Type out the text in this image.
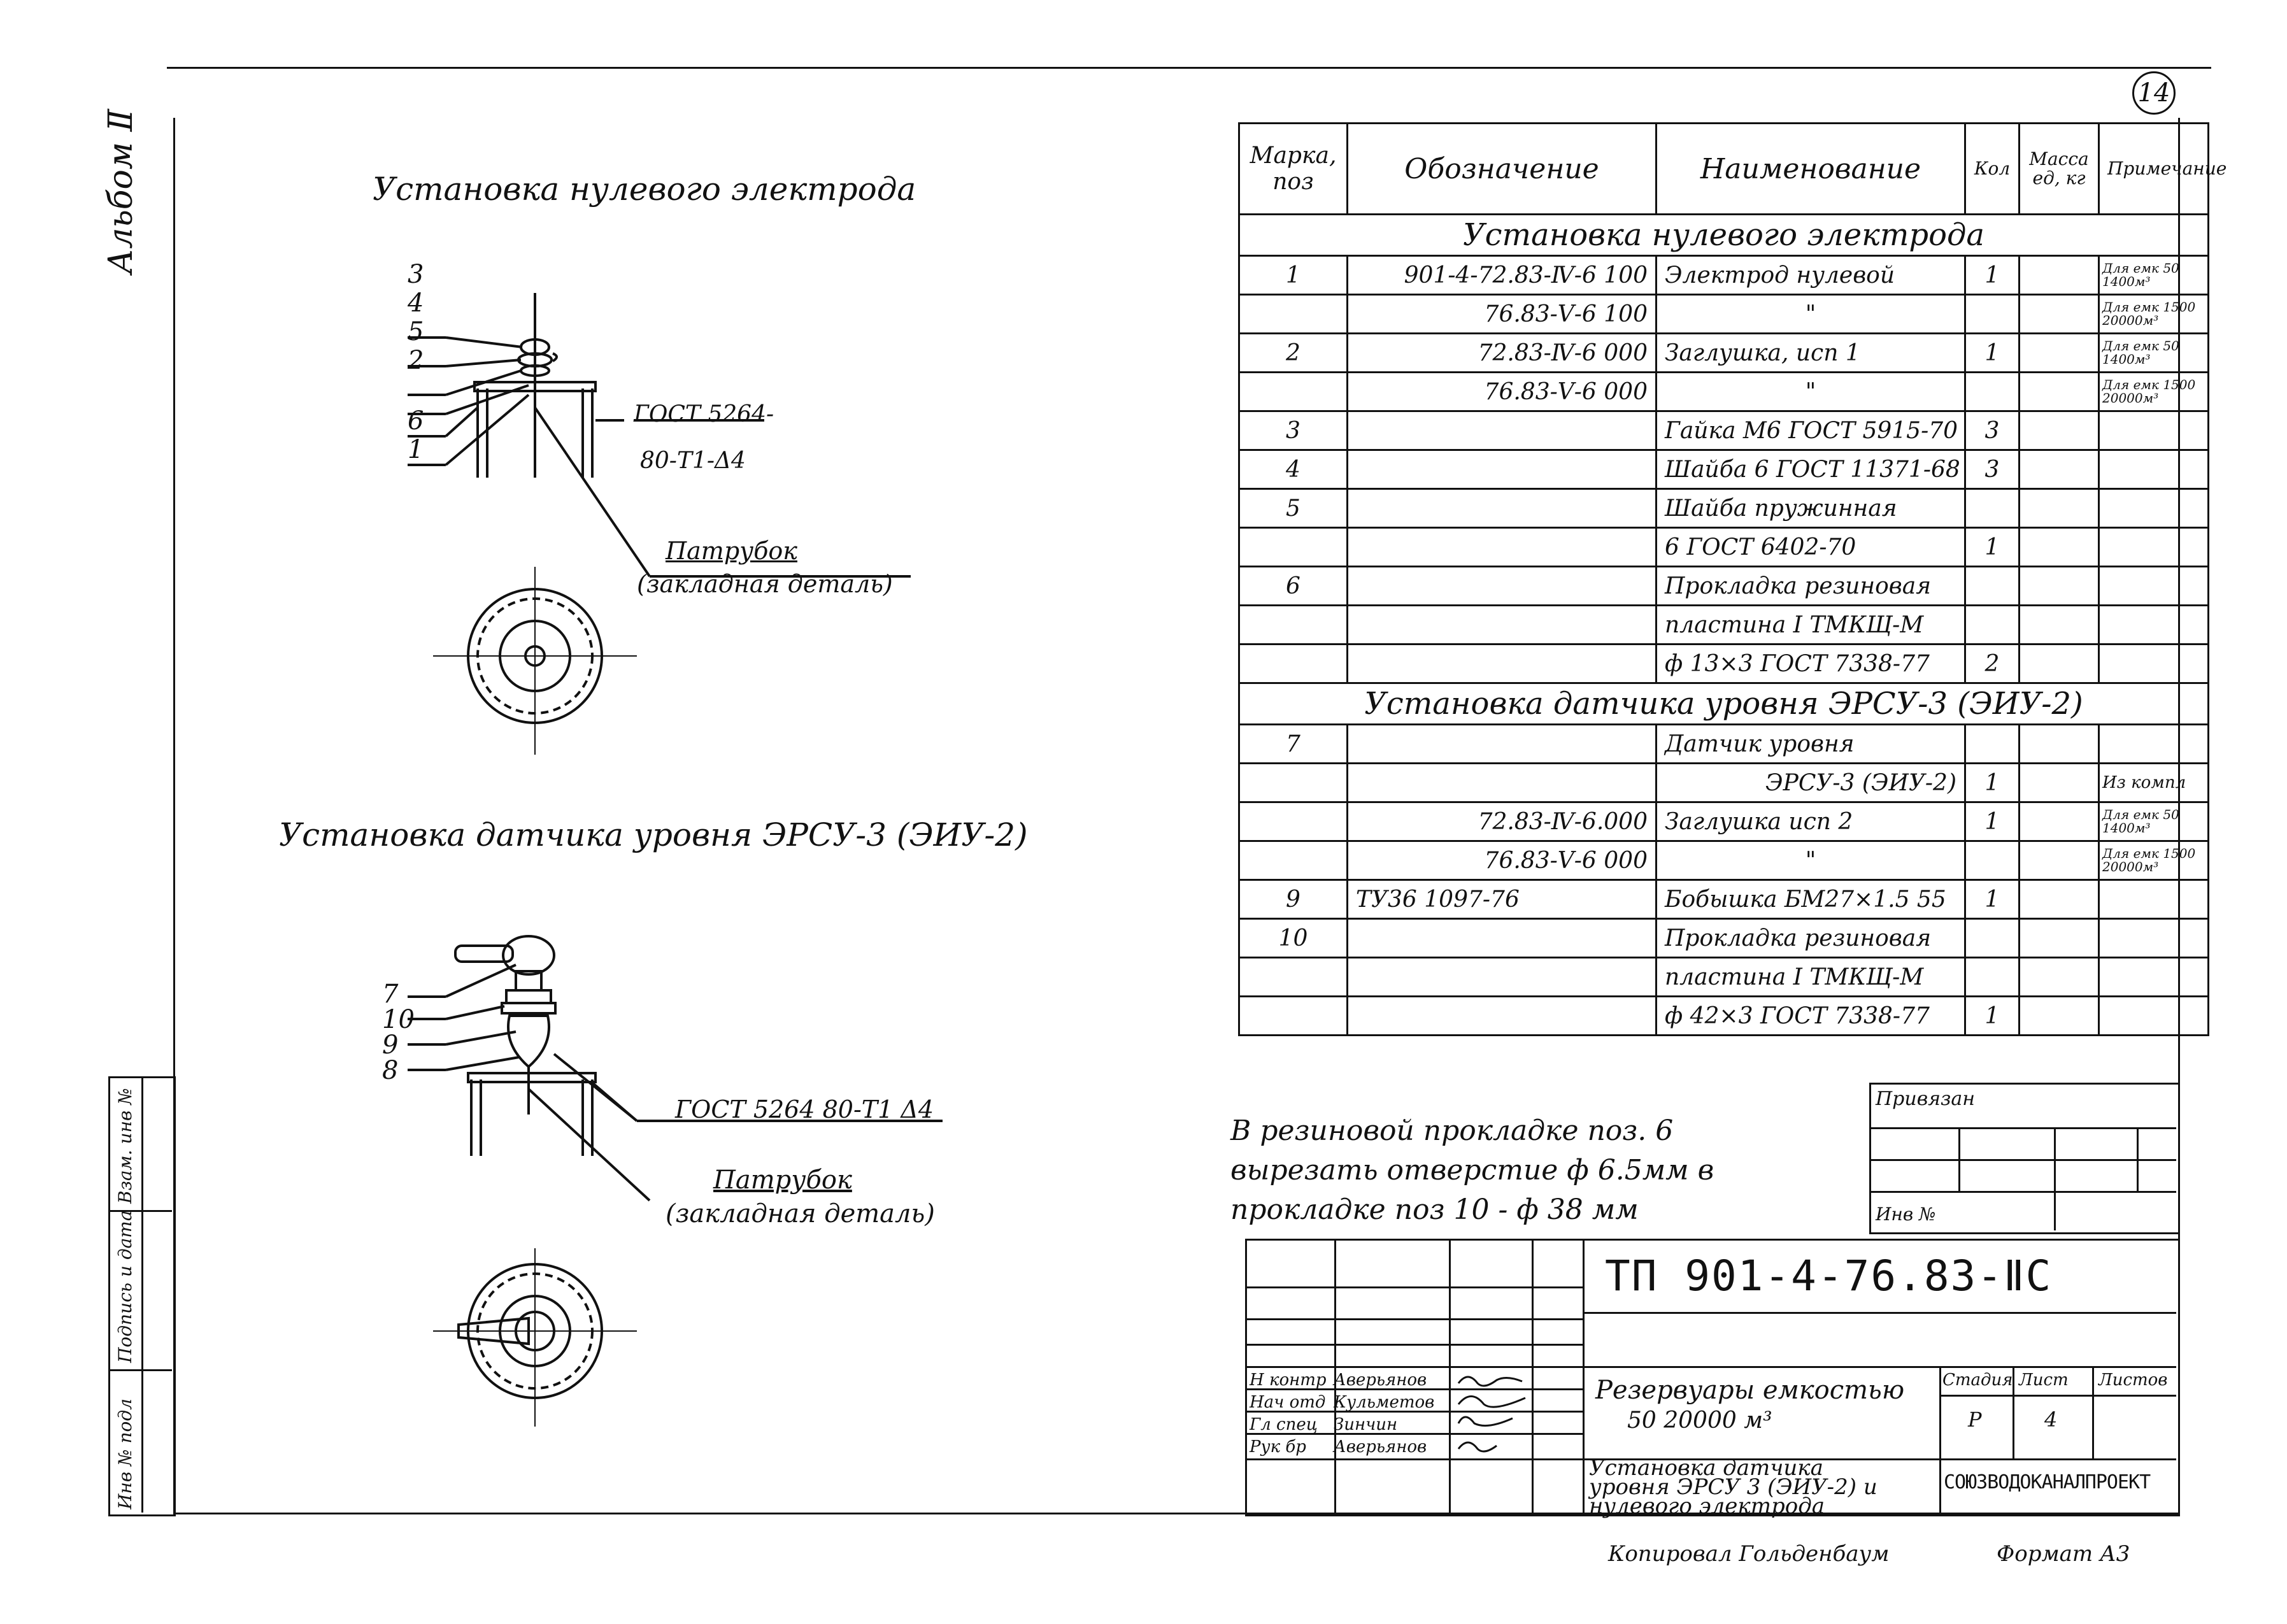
14
Альбом Ⅱ
Инв № подл
Подпись и дата
Взам. инв №
Установка нулевого электрода
3
4
5
2
6
1
ГОСТ 5264-
80-Т1-Δ4
Патрубок
(закладная деталь)
Установка датчика уровня ЭРСУ-3 (ЭИУ-2)
7
10
9
8
ГОСТ 5264 80-Т1 Δ4
Патрубок
(закладная деталь)
Марка, поз	Обозначение	Наименование	Кол	Масса ед, кг	Примечание
Установка нулевого электрода					
1	901-4-72.83-Ⅳ-6 100	Электрод нулевой	1		Для емк 50 1400м³
	76.83-Ⅴ-6 100	"			Для емк 1500 20000м³
2	72.83-Ⅳ-6 000	Заглушка, исп 1	1		Для емк 50 1400м³
	76.83-Ⅴ-6 000	"			Для емк 1500 20000м³
3		Гайка М6 ГОСТ 5915-70	3		
4		Шайба 6 ГОСТ 11371-68	3		
5		Шайба пружинная			
		6 ГОСТ 6402-70	1		
6		Прокладка резиновая			
		пластина I ТМКЩ-М			
		ф 13×3 ГОСТ 7338-77	2		
Установка датчика уровня ЭРСУ-3 (ЭИУ-2)					
7		Датчик уровня			
		ЭРСУ-3 (ЭИУ-2)	1		Из компл
	72.83-Ⅳ-6.000	Заглушка исп 2	1		Для емк 50 1400м³
	76.83-Ⅴ-6 000	"			Для емк 1500 20000м³
9	ТУ36 1097-76	Бобышка БМ27×1.5 55	1		
10		Прокладка резиновая			
		пластина I ТМКЩ-М			
		ф 42×3 ГОСТ 7338-77	1		
В резиновой прокладке поз. 6
вырезать отверстие ф 6.5мм в
прокладке поз 10 - ф 38 мм
Привязан
Инв №
ТП 901-4-76.83-ⅡС
Н контр Аверьянов
Нач отд Кульметов
Гл спец Зинчин
Рук бр Аверьянов
Резервуары емкостью
50 20000 м³
Установка датчика
уровня ЭРСУ 3 (ЭИУ-2) и
нулевого электрода
Стадия Лист Листов
Р	4
СОЮЗВОДОКАНАЛПРОЕКТ
Копировал Гольденбаум	Формат А3
